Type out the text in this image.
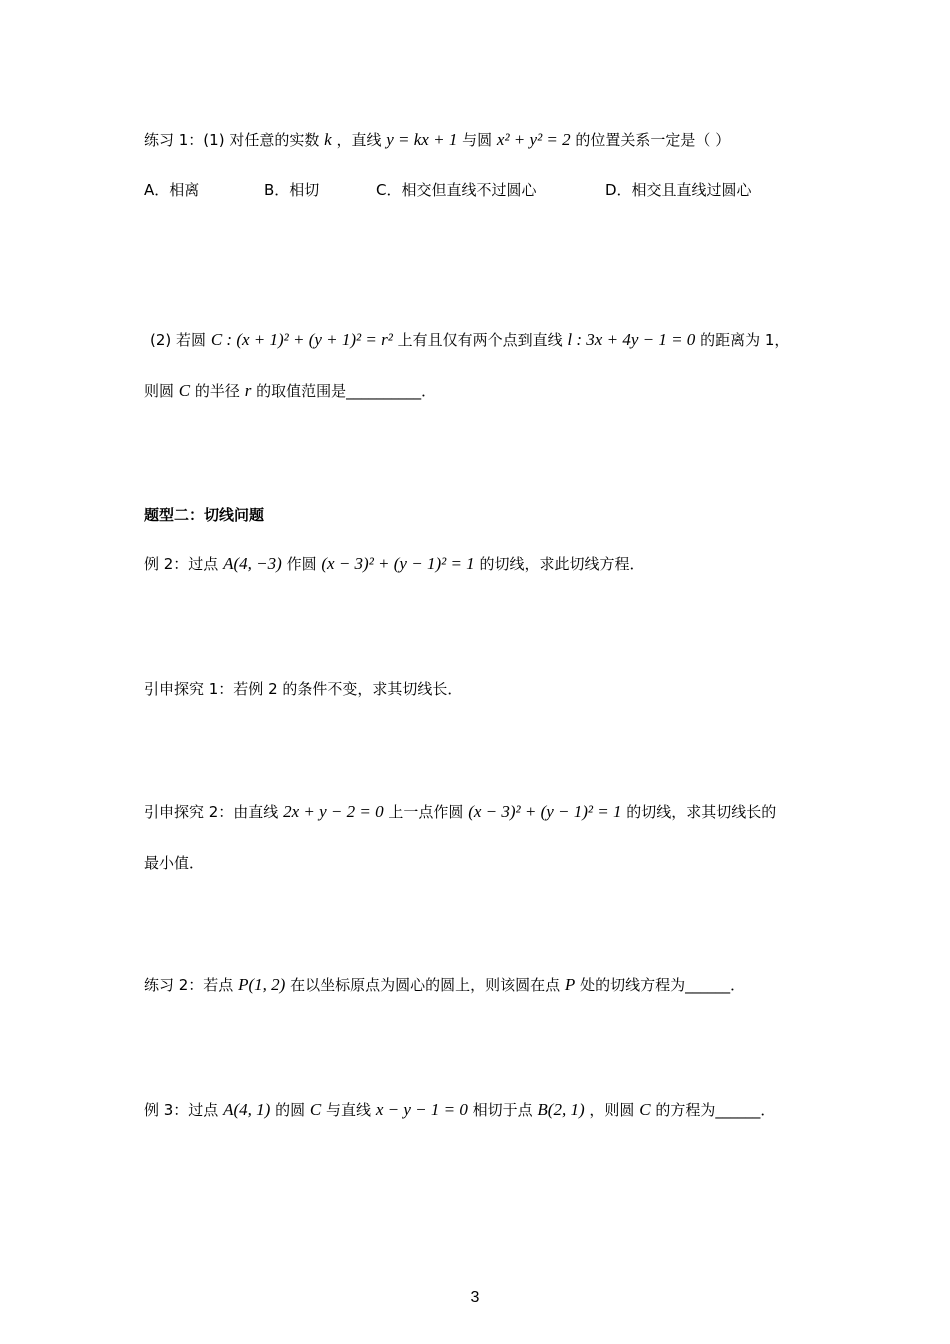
练习 1：(1) 对任意的实数 k ，直线 y = kx + 1 与圆 x² + y² = 2 的位置关系一定是（ ）
A．相离	B．相切	C．相交但直线不过圆心	D．相交且直线过圆心
(2) 若圆 C : (x + 1)² + (y + 1)² = r² 上有且仅有两个点到直线 l : 3x + 4y − 1 = 0 的距离为 1，
则圆 C 的半径 r 的取值范围是__________．
题型二：切线问题
例 2：过点 A(4, −3) 作圆 (x − 3)² + (y − 1)² = 1 的切线，求此切线方程．
引申探究 1：若例 2 的条件不变，求其切线长．
引申探究 2：由直线 2x + y − 2 = 0 上一点作圆 (x − 3)² + (y − 1)² = 1 的切线，求其切线长的
最小值．
练习 2：若点 P(1, 2) 在以坐标原点为圆心的圆上，则该圆在点 P 处的切线方程为______．
例 3：过点 A(4, 1) 的圆 C 与直线 x − y − 1 = 0 相切于点 B(2, 1) ，则圆 C 的方程为______．
3
